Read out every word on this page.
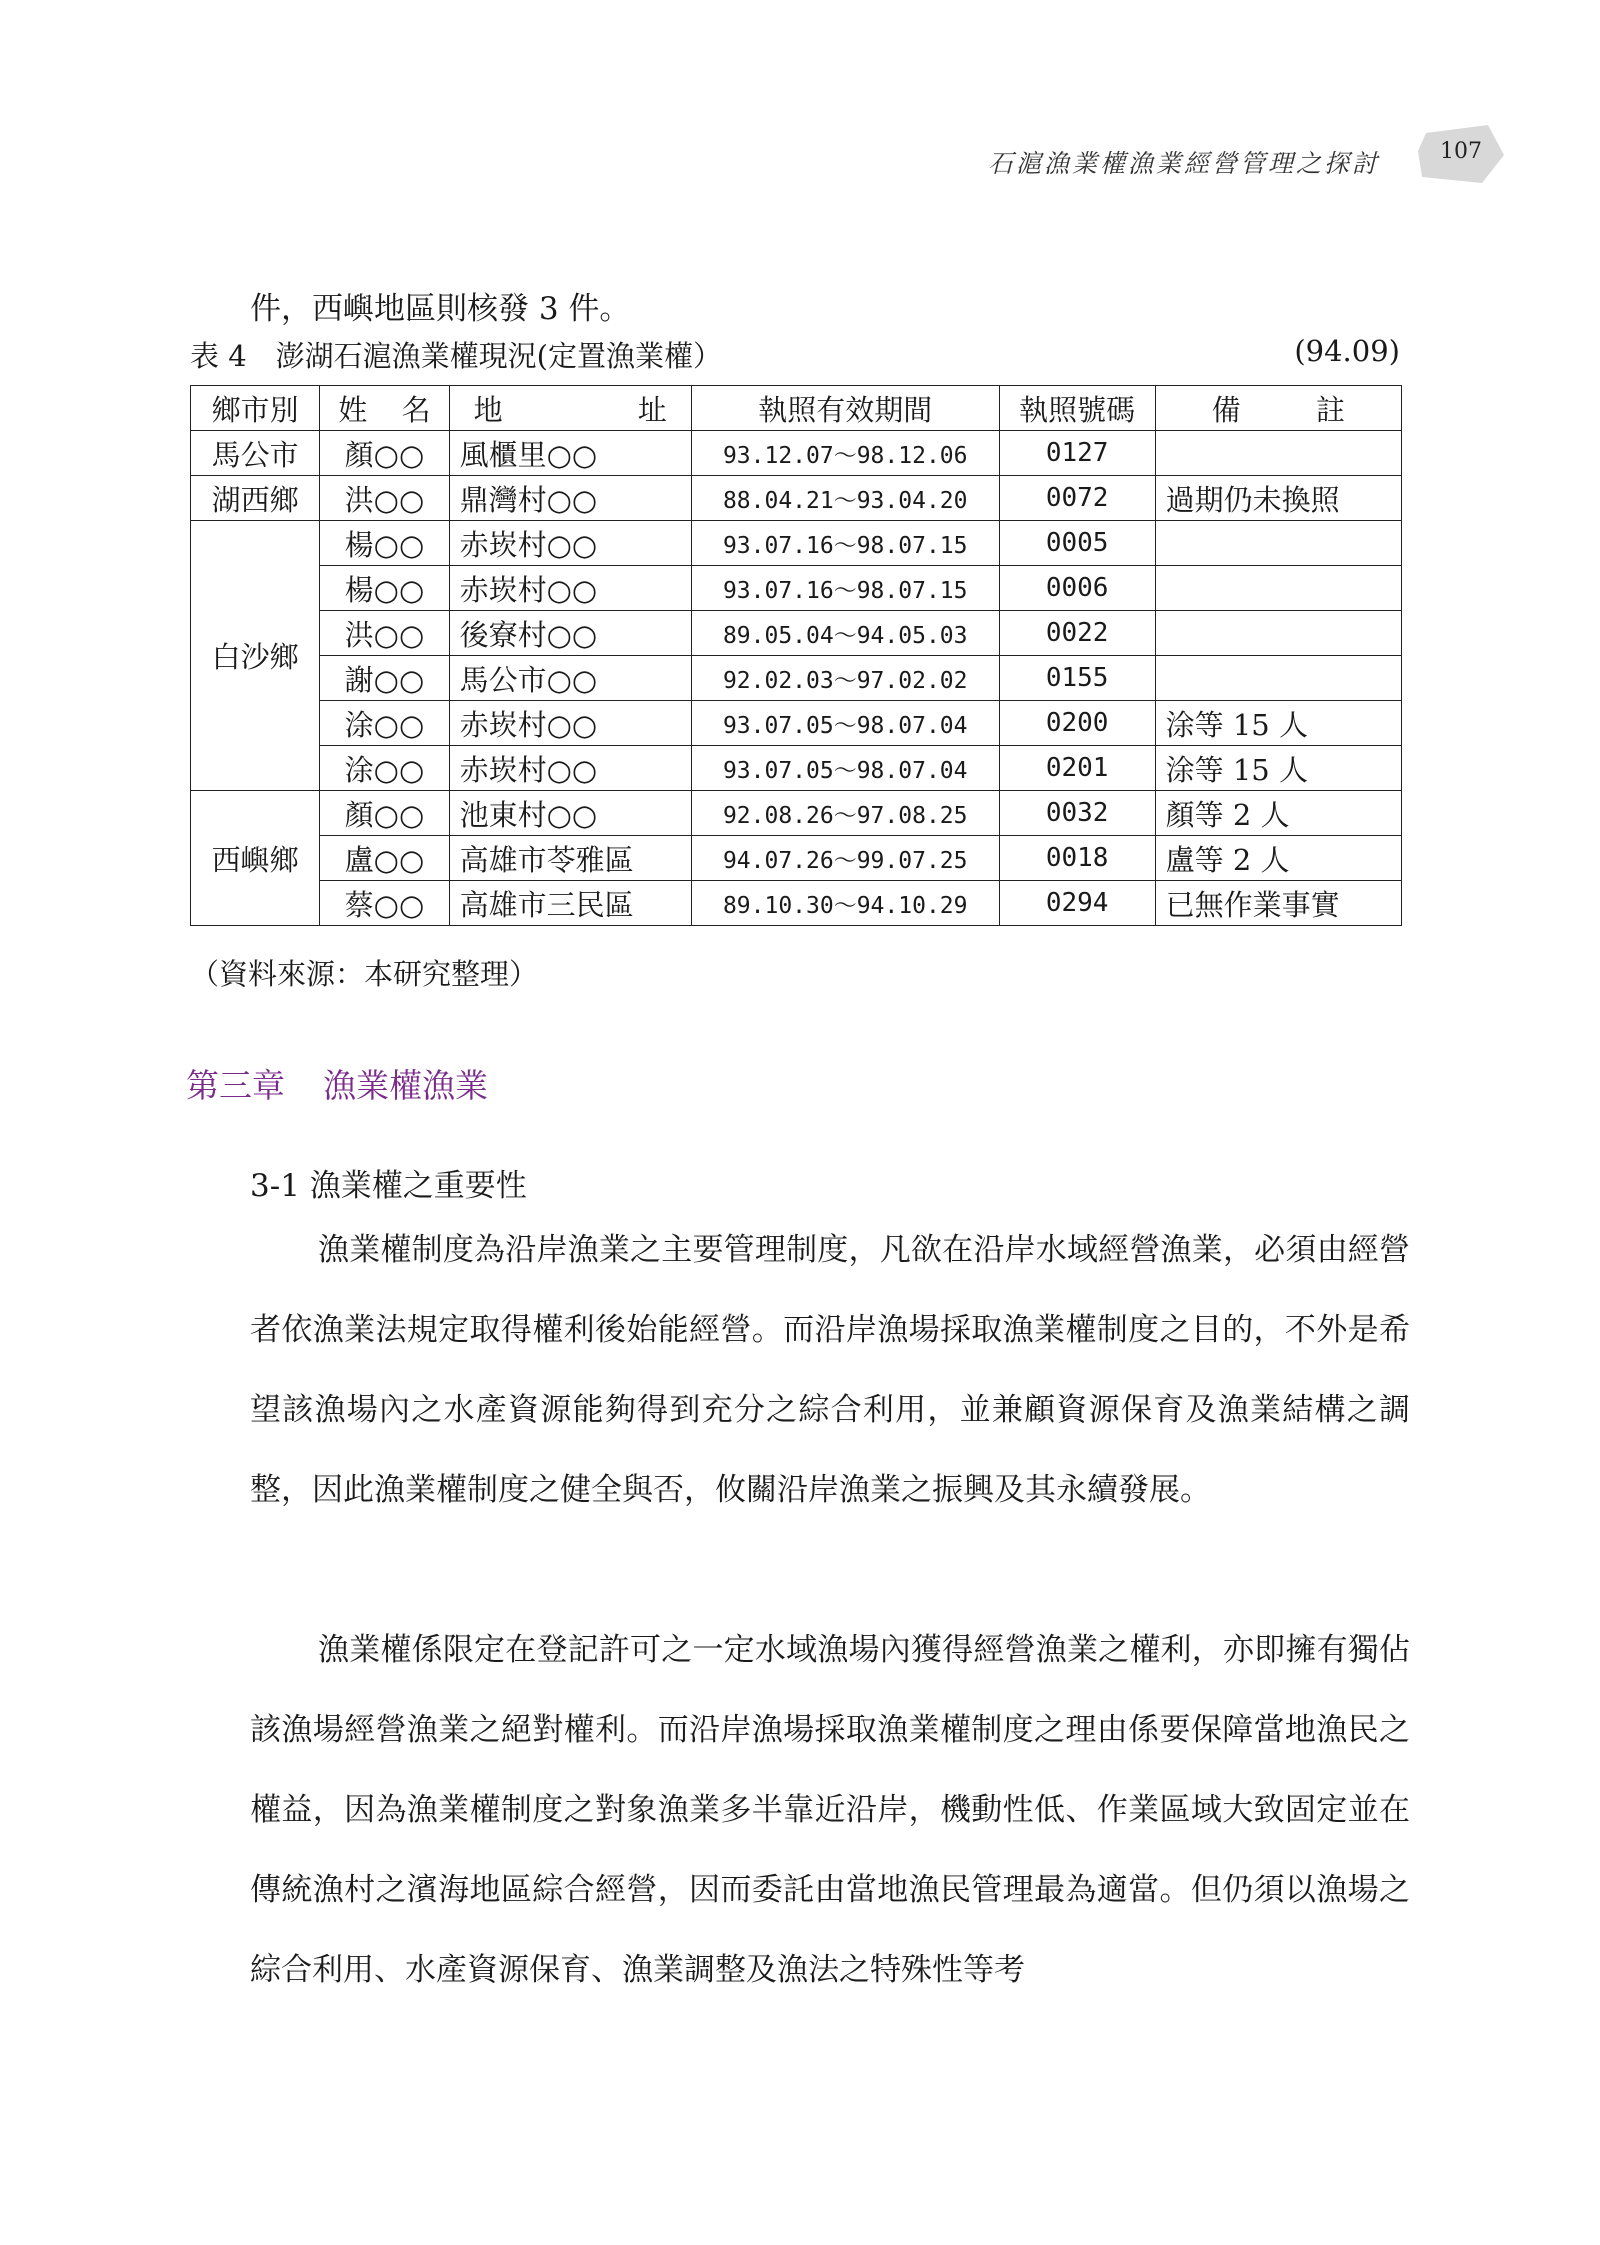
石滬漁業權漁業經營管理之探討	107
件，西嶼地區則核發 3 件。
表 4　澎湖石滬漁業權現況(定置漁業權）	(94.09)
鄉市別	姓 名	地 址	執照有效期間	執照號碼	備 註

馬公市	顏○○	風櫃里○○	93.12.07～98.12.06	0127	
湖西鄉	洪○○	鼎灣村○○	88.04.21～93.04.20	0072	過期仍未換照
白沙鄉	楊○○	赤崁村○○	93.07.16～98.07.15	0005	
	楊○○	赤崁村○○	93.07.16～98.07.15	0006	
	洪○○	後寮村○○	89.05.04～94.05.03	0022	
	謝○○	馬公市○○	92.02.03～97.02.02	0155	
	涂○○	赤崁村○○	93.07.05～98.07.04	0200	涂等 15 人
	涂○○	赤崁村○○	93.07.05～98.07.04	0201	涂等 15 人
西嶼鄉	顏○○	池東村○○	92.08.26～97.08.25	0032	顏等 2 人
	盧○○	高雄市苓雅區	94.07.26～99.07.25	0018	盧等 2 人
	蔡○○	高雄市三民區	89.10.30～94.10.29	0294	已無作業事實
（資料來源：本研究整理）
第三章 漁業權漁業
3-1 漁業權之重要性

漁業權制度為沿岸漁業之主要管理制度，凡欲在沿岸水域經營漁業，必須由經營者依漁業法規定取得權利後始能經營。而沿岸漁場採取漁業權制度之目的，不外是希望該漁場內之水產資源能夠得到充分之綜合利用，並兼顧資源保育及漁業結構之調整，因此漁業權制度之健全與否，攸關沿岸漁業之振興及其永續發展。

漁業權係限定在登記許可之一定水域漁場內獲得經營漁業之權利，亦即擁有獨佔該漁場經營漁業之絕對權利。而沿岸漁場採取漁業權制度之理由係要保障當地漁民之權益，因為漁業權制度之對象漁業多半靠近沿岸，機動性低、作業區域大致固定並在傳統漁村之濱海地區綜合經營，因而委託由當地漁民管理最為適當。但仍須以漁場之綜合利用、水產資源保育、漁業調整及漁法之特殊性等考
